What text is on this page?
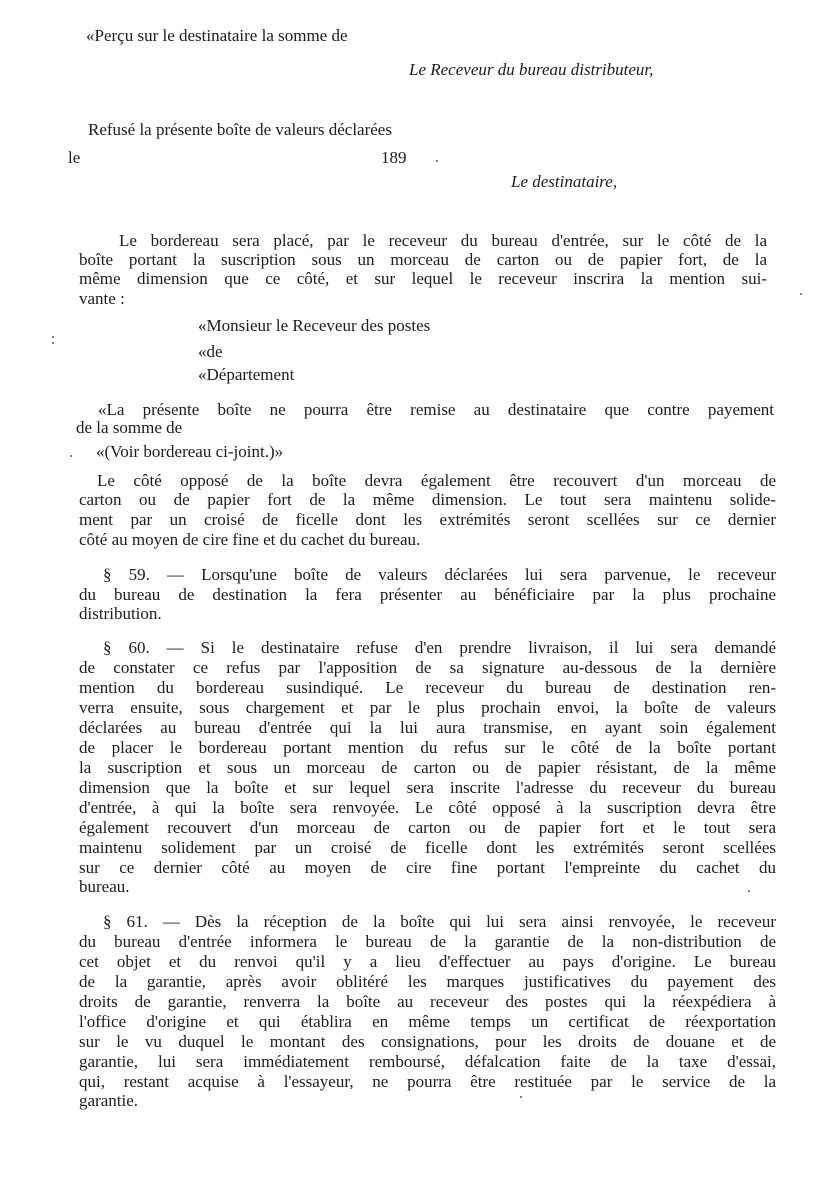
«Perçu sur le destinataire la somme de
Le Receveur du bureau distributeur,
Refusé la présente boîte de valeurs déclarées
le	189
Le destinataire,
Le bordereau sera placé, par le receveur du bureau d'entrée, sur le côté de la
boîte portant la suscription sous un morceau de carton ou de papier fort, de la
même dimension que ce côté, et sur lequel le receveur inscrira la mention sui-
vante :
«Monsieur le Receveur des postes
«de
«Département
«La présente boîte ne pourra être remise au destinataire que contre payement
de la somme de
«(Voir bordereau ci-joint.)»
Le côté opposé de la boîte devra également être recouvert d'un morceau de
carton ou de papier fort de la même dimension. Le tout sera maintenu solide-
ment par un croisé de ficelle dont les extrémités seront scellées sur ce dernier
côté au moyen de cire fine et du cachet du bureau.
§ 59. — Lorsqu'une boîte de valeurs déclarées lui sera parvenue, le receveur
du bureau de destination la fera présenter au bénéficiaire par la plus prochaine
distribution.
§ 60. — Si le destinataire refuse d'en prendre livraison, il lui sera demandé
de constater ce refus par l'apposition de sa signature au-dessous de la dernière
mention du bordereau susindiqué. Le receveur du bureau de destination ren-
verra ensuite, sous chargement et par le plus prochain envoi, la boîte de valeurs
déclarées au bureau d'entrée qui la lui aura transmise, en ayant soin également
de placer le bordereau portant mention du refus sur le côté de la boîte portant
la suscription et sous un morceau de carton ou de papier résistant, de la même
dimension que la boîte et sur lequel sera inscrite l'adresse du receveur du bureau
d'entrée, à qui la boîte sera renvoyée. Le côté opposé à la suscription devra être
également recouvert d'un morceau de carton ou de papier fort et le tout sera
maintenu solidement par un croisé de ficelle dont les extrémités seront scellées
sur ce dernier côté au moyen de cire fine portant l'empreinte du cachet du
bureau.
§ 61. — Dès la réception de la boîte qui lui sera ainsi renvoyée, le receveur
du bureau d'entrée informera le bureau de la garantie de la non-distribution de
cet objet et du renvoi qu'il y a lieu d'effectuer au pays d'origine. Le bureau
de la garantie, après avoir oblitéré les marques justificatives du payement des
droits de garantie, renverra la boîte au receveur des postes qui la réexpédiera à
l'office d'origine et qui établira en même temps un certificat de réexportation
sur le vu duquel le montant des consignations, pour les droits de douane et de
garantie, lui sera immédiatement remboursé, défalcation faite de la taxe d'essai,
qui, restant acquise à l'essayeur, ne pourra être restituée par le service de la
garantie.
